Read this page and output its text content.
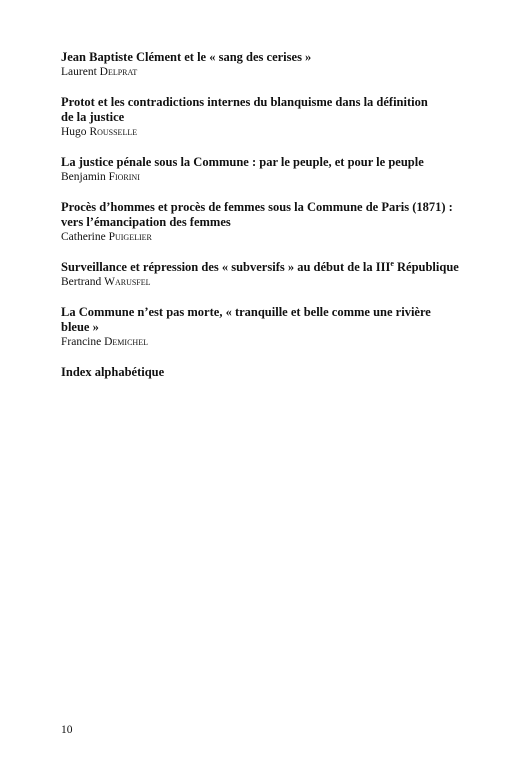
Jean Baptiste Clément et le « sang des cerises »
Laurent Delprat
Protot et les contradictions internes du blanquisme dans la définition
de la justice
Hugo Rousselle
La justice pénale sous la Commune : par le peuple, et pour le peuple
Benjamin Fiorini
Procès d’hommes et procès de femmes sous la Commune de Paris (1871) :
vers l’émancipation des femmes
Catherine Puigelier
Surveillance et répression des « subversifs » au début de la IIIe République
Bertrand Warusfel
La Commune n’est pas morte, « tranquille et belle comme une rivière
bleue »
Francine Demichel
Index alphabétique
10
